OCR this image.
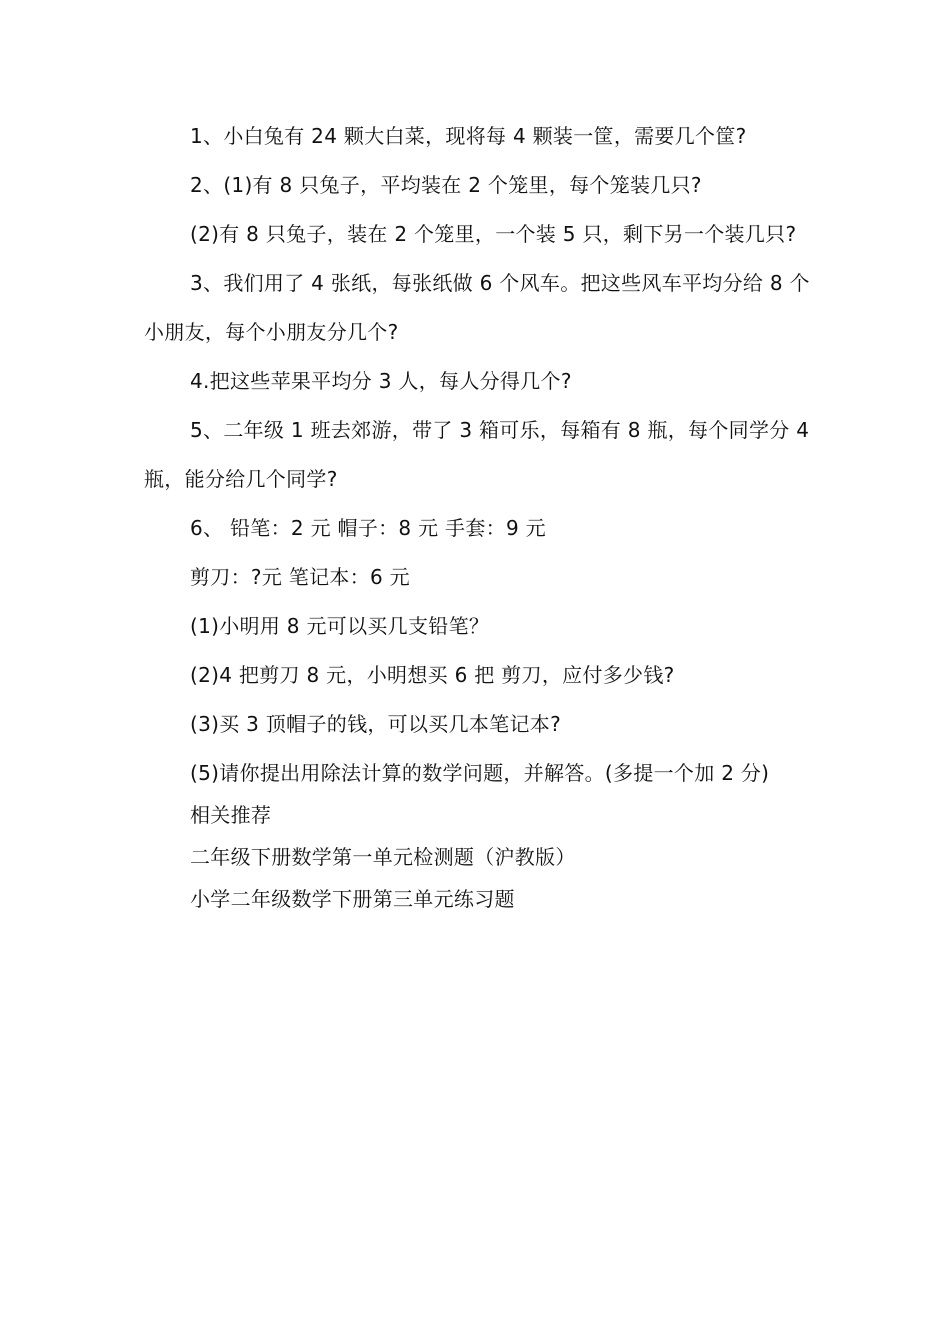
1、小白兔有 24 颗大白菜，现将每 4 颗装一筐，需要几个筐?

2、(1)有 8 只兔子，平均装在 2 个笼里，每个笼装几只?

(2)有 8 只兔子，装在 2 个笼里，一个装 5 只，剩下另一个装几只?

3、我们用了 4 张纸，每张纸做 6 个风车。把这些风车平均分给 8 个小朋友，每个小朋友分几个?

4.把这些苹果平均分 3 人，每人分得几个?

5、二年级 1 班去郊游，带了 3 箱可乐，每箱有 8 瓶，每个同学分 4 瓶，能分给几个同学?

6、 铅笔：2 元 帽子：8 元 手套：9 元

剪刀：?元 笔记本：6 元

(1)小明用 8 元可以买几支铅笔？

(2)4 把剪刀 8 元，小明想买 6 把 剪刀，应付多少钱?

(3)买 3 顶帽子的钱，可以买几本笔记本?

(5)请你提出用除法计算的数学问题，并解答。(多提一个加 2 分)

相关推荐

二年级下册数学第一单元检测题（沪教版）

小学二年级数学下册第三单元练习题
